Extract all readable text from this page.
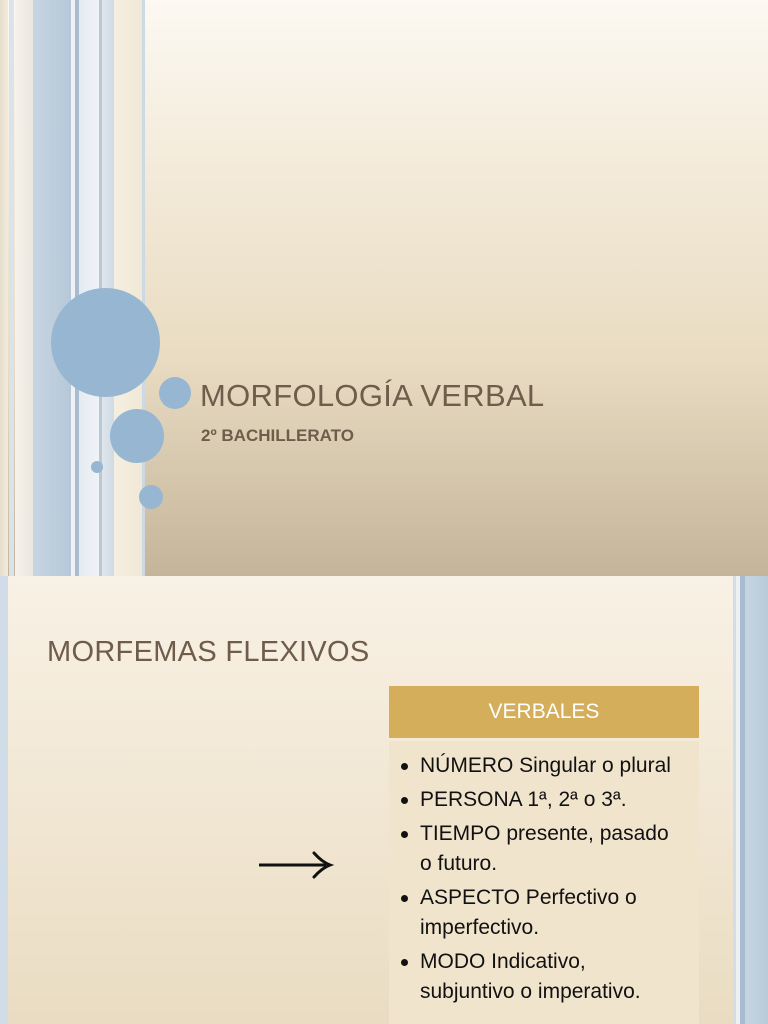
MORFOLOGÍA VERBAL
2º BACHILLERATO
MORFEMAS FLEXIVOS
VERBALES
NÚMERO Singular o plural
PERSONA 1ª, 2ª o 3ª.
TIEMPO presente, pasado o futuro.
ASPECTO Perfectivo o imperfectivo.
MODO Indicativo, subjuntivo o imperativo.
